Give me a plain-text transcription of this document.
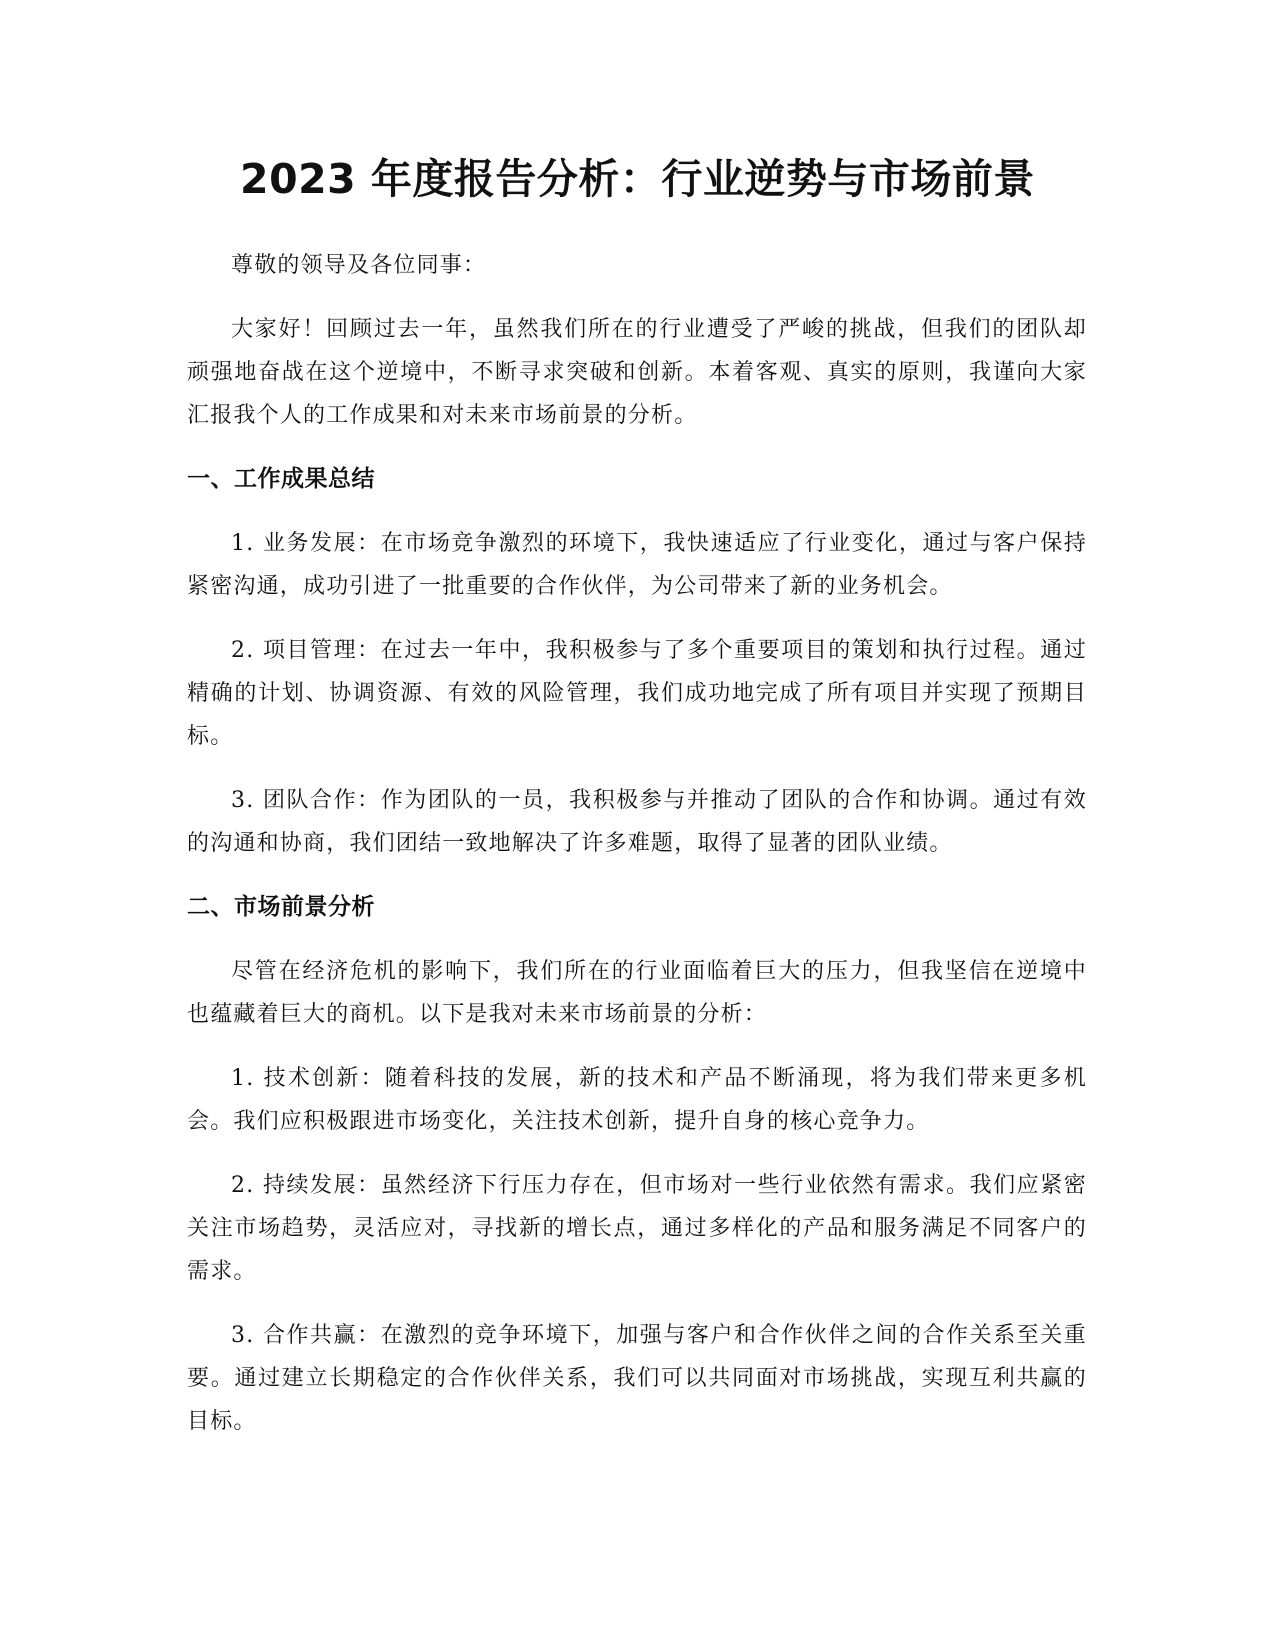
2023 年度报告分析：行业逆势与市场前景

尊敬的领导及各位同事：

大家好！回顾过去一年，虽然我们所在的行业遭受了严峻的挑战，但我们的团队却顽强地奋战在这个逆境中，不断寻求突破和创新。本着客观、真实的原则，我谨向大家汇报我个人的工作成果和对未来市场前景的分析。

一、工作成果总结

1. 业务发展：在市场竞争激烈的环境下，我快速适应了行业变化，通过与客户保持紧密沟通，成功引进了一批重要的合作伙伴，为公司带来了新的业务机会。

2. 项目管理：在过去一年中，我积极参与了多个重要项目的策划和执行过程。通过精确的计划、协调资源、有效的风险管理，我们成功地完成了所有项目并实现了预期目标。

3. 团队合作：作为团队的一员，我积极参与并推动了团队的合作和协调。通过有效的沟通和协商，我们团结一致地解决了许多难题，取得了显著的团队业绩。

二、市场前景分析

尽管在经济危机的影响下，我们所在的行业面临着巨大的压力，但我坚信在逆境中也蕴藏着巨大的商机。以下是我对未来市场前景的分析：

1. 技术创新：随着科技的发展，新的技术和产品不断涌现，将为我们带来更多机会。我们应积极跟进市场变化，关注技术创新，提升自身的核心竞争力。

2. 持续发展：虽然经济下行压力存在，但市场对一些行业依然有需求。我们应紧密关注市场趋势，灵活应对，寻找新的增长点，通过多样化的产品和服务满足不同客户的需求。

3. 合作共赢：在激烈的竞争环境下，加强与客户和合作伙伴之间的合作关系至关重要。通过建立长期稳定的合作伙伴关系，我们可以共同面对市场挑战，实现互利共赢的目标。
